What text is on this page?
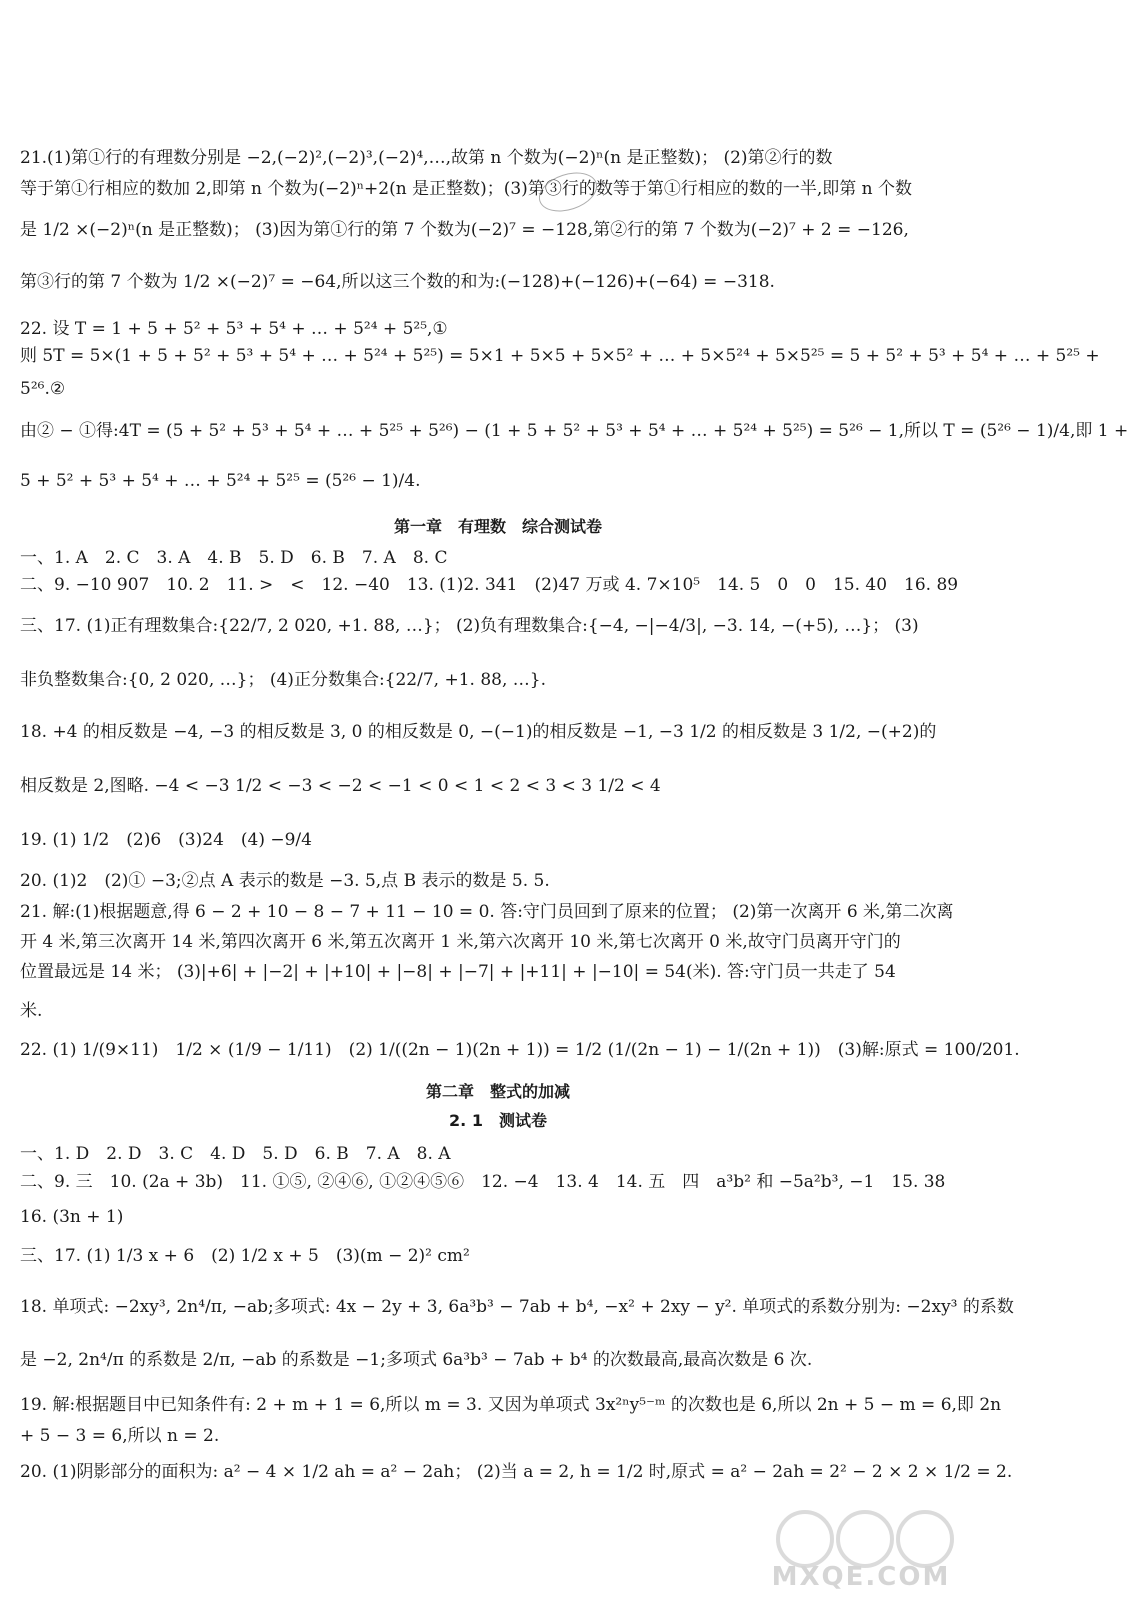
21.(1)第①行的有理数分别是 −2,(−2)²,(−2)³,(−2)⁴,…,故第 n 个数为(−2)ⁿ(n 是正整数)； (2)第②行的数
等于第①行相应的数加 2,即第 n 个数为(−2)ⁿ+2(n 是正整数)；(3)第③行的数等于第①行相应的数的一半,即第 n 个数
是 1/2 ×(−2)ⁿ(n 是正整数)； (3)因为第①行的第 7 个数为(−2)⁷ = −128,第②行的第 7 个数为(−2)⁷ + 2 = −126,
第③行的第 7 个数为 1/2 ×(−2)⁷ = −64,所以这三个数的和为:(−128)+(−126)+(−64) = −318.
22. 设 T = 1 + 5 + 5² + 5³ + 5⁴ + … + 5²⁴ + 5²⁵,①
则 5T = 5×(1 + 5 + 5² + 5³ + 5⁴ + … + 5²⁴ + 5²⁵) = 5×1 + 5×5 + 5×5² + … + 5×5²⁴ + 5×5²⁵ = 5 + 5² + 5³ + 5⁴ + … + 5²⁵ +
5²⁶.②
由② − ①得:4T = (5 + 5² + 5³ + 5⁴ + … + 5²⁵ + 5²⁶) − (1 + 5 + 5² + 5³ + 5⁴ + … + 5²⁴ + 5²⁵) = 5²⁶ − 1,所以 T = (5²⁶ − 1)/4,即 1 +
5 + 5² + 5³ + 5⁴ + … + 5²⁴ + 5²⁵ = (5²⁶ − 1)/4.
第一章　有理数　综合测试卷
一、1. A　2. C　3. A　4. B　5. D　6. B　7. A　8. C
二、9. −10 907　10. 2　11. >　<　12. −40　13. (1)2. 341　(2)47 万或 4. 7×10⁵　14. 5　0　0　15. 40　16. 89
三、17. (1)正有理数集合:{22/7, 2 020, +1. 88, …}； (2)负有理数集合:{−4, −|−4/3|, −3. 14, −(+5), …}； (3)
非负整数集合:{0, 2 020, …}； (4)正分数集合:{22/7, +1. 88, …}.
18. +4 的相反数是 −4, −3 的相反数是 3, 0 的相反数是 0, −(−1)的相反数是 −1, −3 1/2 的相反数是 3 1/2, −(+2)的
相反数是 2,图略. −4 < −3 1/2 < −3 < −2 < −1 < 0 < 1 < 2 < 3 < 3 1/2 < 4
19. (1) 1/2　(2)6　(3)24　(4) −9/4
20. (1)2　(2)① −3;②点 A 表示的数是 −3. 5,点 B 表示的数是 5. 5.
21. 解:(1)根据题意,得 6 − 2 + 10 − 8 − 7 + 11 − 10 = 0. 答:守门员回到了原来的位置； (2)第一次离开 6 米,第二次离
开 4 米,第三次离开 14 米,第四次离开 6 米,第五次离开 1 米,第六次离开 10 米,第七次离开 0 米,故守门员离开守门的
位置最远是 14 米； (3)|+6| + |−2| + |+10| + |−8| + |−7| + |+11| + |−10| = 54(米). 答:守门员一共走了 54
米.
22. (1) 1/(9×11)　1/2 × (1/9 − 1/11)　(2) 1/((2n − 1)(2n + 1)) = 1/2 (1/(2n − 1) − 1/(2n + 1))　(3)解:原式 = 100/201.
第二章　整式的加减
2. 1　测试卷
一、1. D　2. D　3. C　4. D　5. D　6. B　7. A　8. A
二、9. 三　10. (2a + 3b)　11. ①⑤, ②④⑥, ①②④⑤⑥　12. −4　13. 4　14. 五　四　a³b² 和 −5a²b³, −1　15. 38
16. (3n + 1)
三、17. (1) 1/3 x + 6　(2) 1/2 x + 5　(3)(m − 2)² cm²
18. 单项式: −2xy³, 2n⁴/π, −ab;多项式: 4x − 2y + 3, 6a³b³ − 7ab + b⁴, −x² + 2xy − y². 单项式的系数分别为: −2xy³ 的系数
是 −2, 2n⁴/π 的系数是 2/π, −ab 的系数是 −1;多项式 6a³b³ − 7ab + b⁴ 的次数最高,最高次数是 6 次.
19. 解:根据题目中已知条件有: 2 + m + 1 = 6,所以 m = 3. 又因为单项式 3x²ⁿy⁵⁻ᵐ 的次数也是 6,所以 2n + 5 − m = 6,即 2n
+ 5 − 3 = 6,所以 n = 2.
20. (1)阴影部分的面积为: a² − 4 × 1/2 ah = a² − 2ah； (2)当 a = 2, h = 1/2 时,原式 = a² − 2ah = 2² − 2 × 2 × 1/2 = 2.
MXQE.COM
